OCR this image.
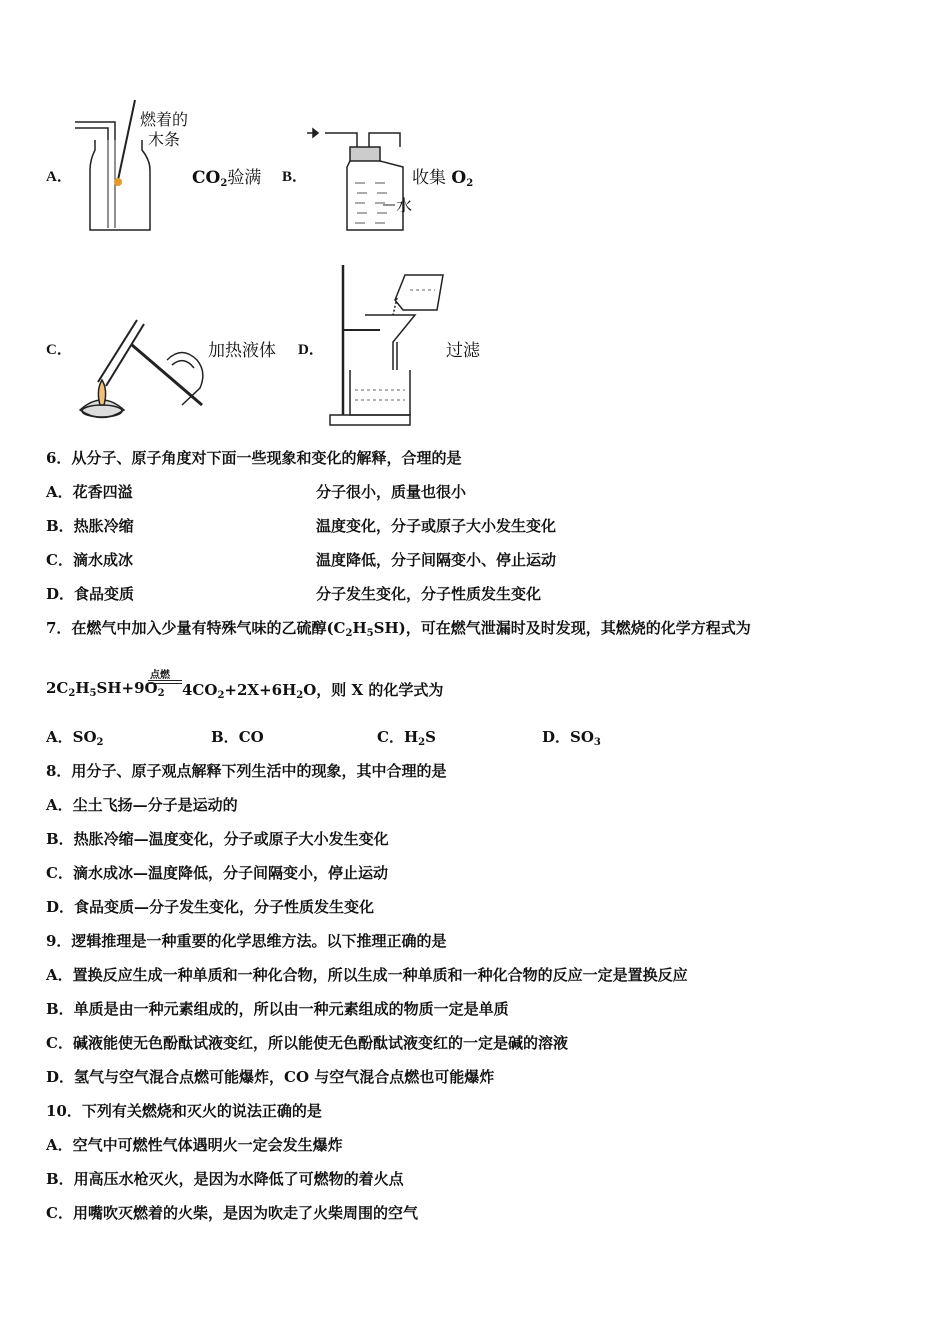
A．
燃着的
木条
$CO_2$验满 B．
水
收集 $O_2$
C．	加热液体 D．	过滤
6．从分子、原子角度对下面一些现象和变化的解释，合理的是
A．花香四溢	分子很小，质量也很小
B．热胀冷缩	温度变化，分子或原子大小发生变化
C．滴水成冰	温度降低，分子间隔变小、停止运动
D．食品变质	分子发生变化，分子性质发生变化
7．在燃气中加入少量有特殊气味的乙硫醇$(C_2H_5SH)$，可在燃气泄漏时及时发现，其燃烧的化学方程式为
$2C_2H_5SH+9O_2$
点燃
$4CO_2+2X+6H_2O$，则 X 的化学式为
A．$SO_2$	B．CO	C．$H_2S$	D．$SO_3$
8．用分子、原子观点解释下列生活中的现象，其中合理的是
A．尘土飞扬—分子是运动的
B．热胀冷缩—温度变化，分子或原子大小发生变化
C．滴水成冰—温度降低，分子间隔变小，停止运动
D．食品变质—分子发生变化，分子性质发生变化
9．逻辑推理是一种重要的化学思维方法。以下推理正确的是
A．置换反应生成一种单质和一种化合物，所以生成一种单质和一种化合物的反应一定是置换反应
B．单质是由一种元素组成的，所以由一种元素组成的物质一定是单质
C．碱液能使无色酚酞试液变红，所以能使无色酚酞试液变红的一定是碱的溶液
D．氢气与空气混合点燃可能爆炸，CO 与空气混合点燃也可能爆炸
10．下列有关燃烧和灭火的说法正确的是
A．空气中可燃性气体遇明火一定会发生爆炸
B．用高压水枪灭火，是因为水降低了可燃物的着火点
C．用嘴吹灭燃着的火柴，是因为吹走了火柴周围的空气
